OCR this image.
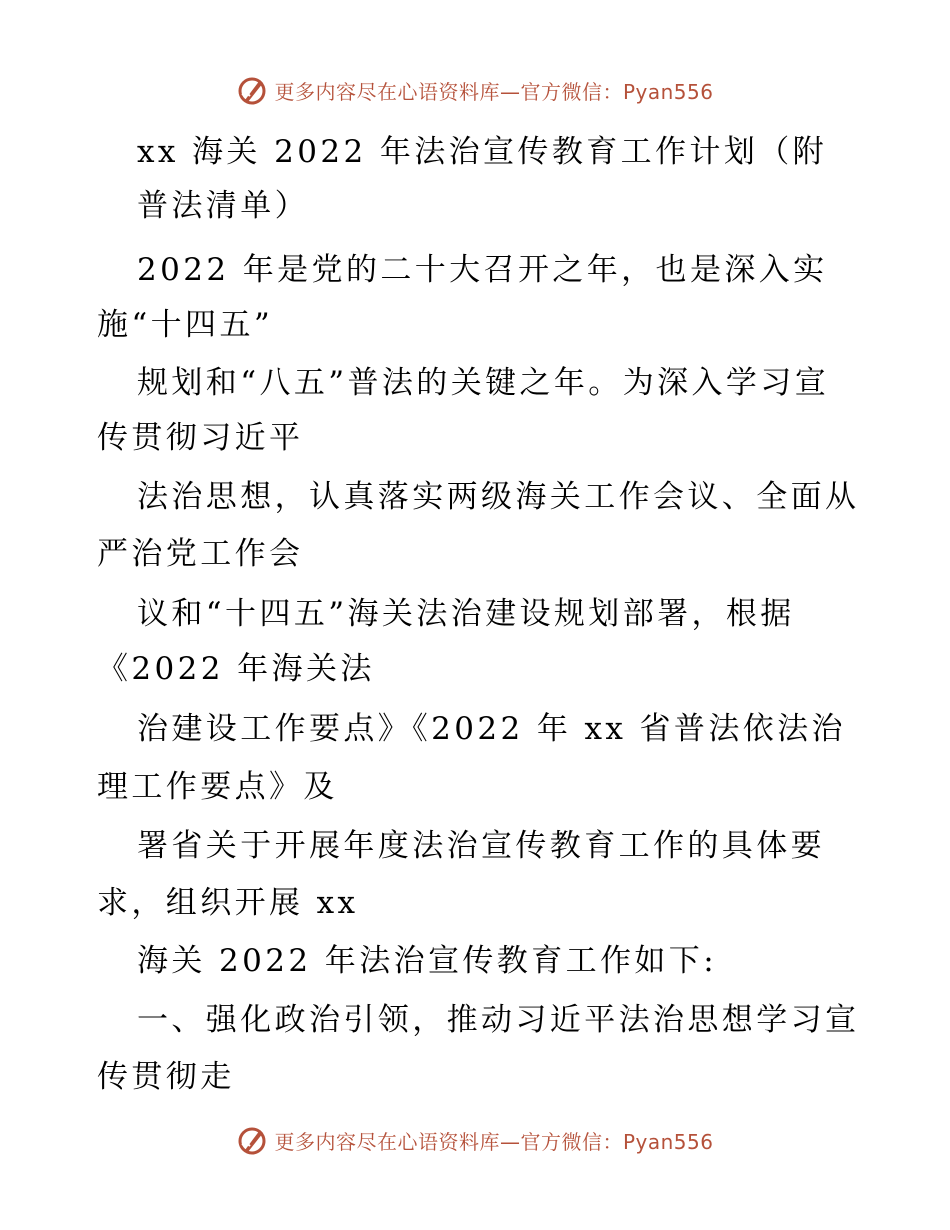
更多内容尽在心语资料库—官方微信：Pyan556
xx 海关 2022 年法治宣传教育工作计划（附
普法清单）
2022 年是党的二十大召开之年，也是深入实
施“十四五”
规划和“八五”普法的关键之年。为深入学习宣
传贯彻习近平
法治思想，认真落实两级海关工作会议、全面从
严治党工作会
议和“十四五”海关法治建设规划部署，根据
《2022 年海关法
治建设工作要点》《2022 年 xx 省普法依法治
理工作要点》及
署省关于开展年度法治宣传教育工作的具体要
求，组织开展 xx
海关 2022 年法治宣传教育工作如下:
一、强化政治引领，推动习近平法治思想学习宣
传贯彻走
更多内容尽在心语资料库—官方微信：Pyan556
